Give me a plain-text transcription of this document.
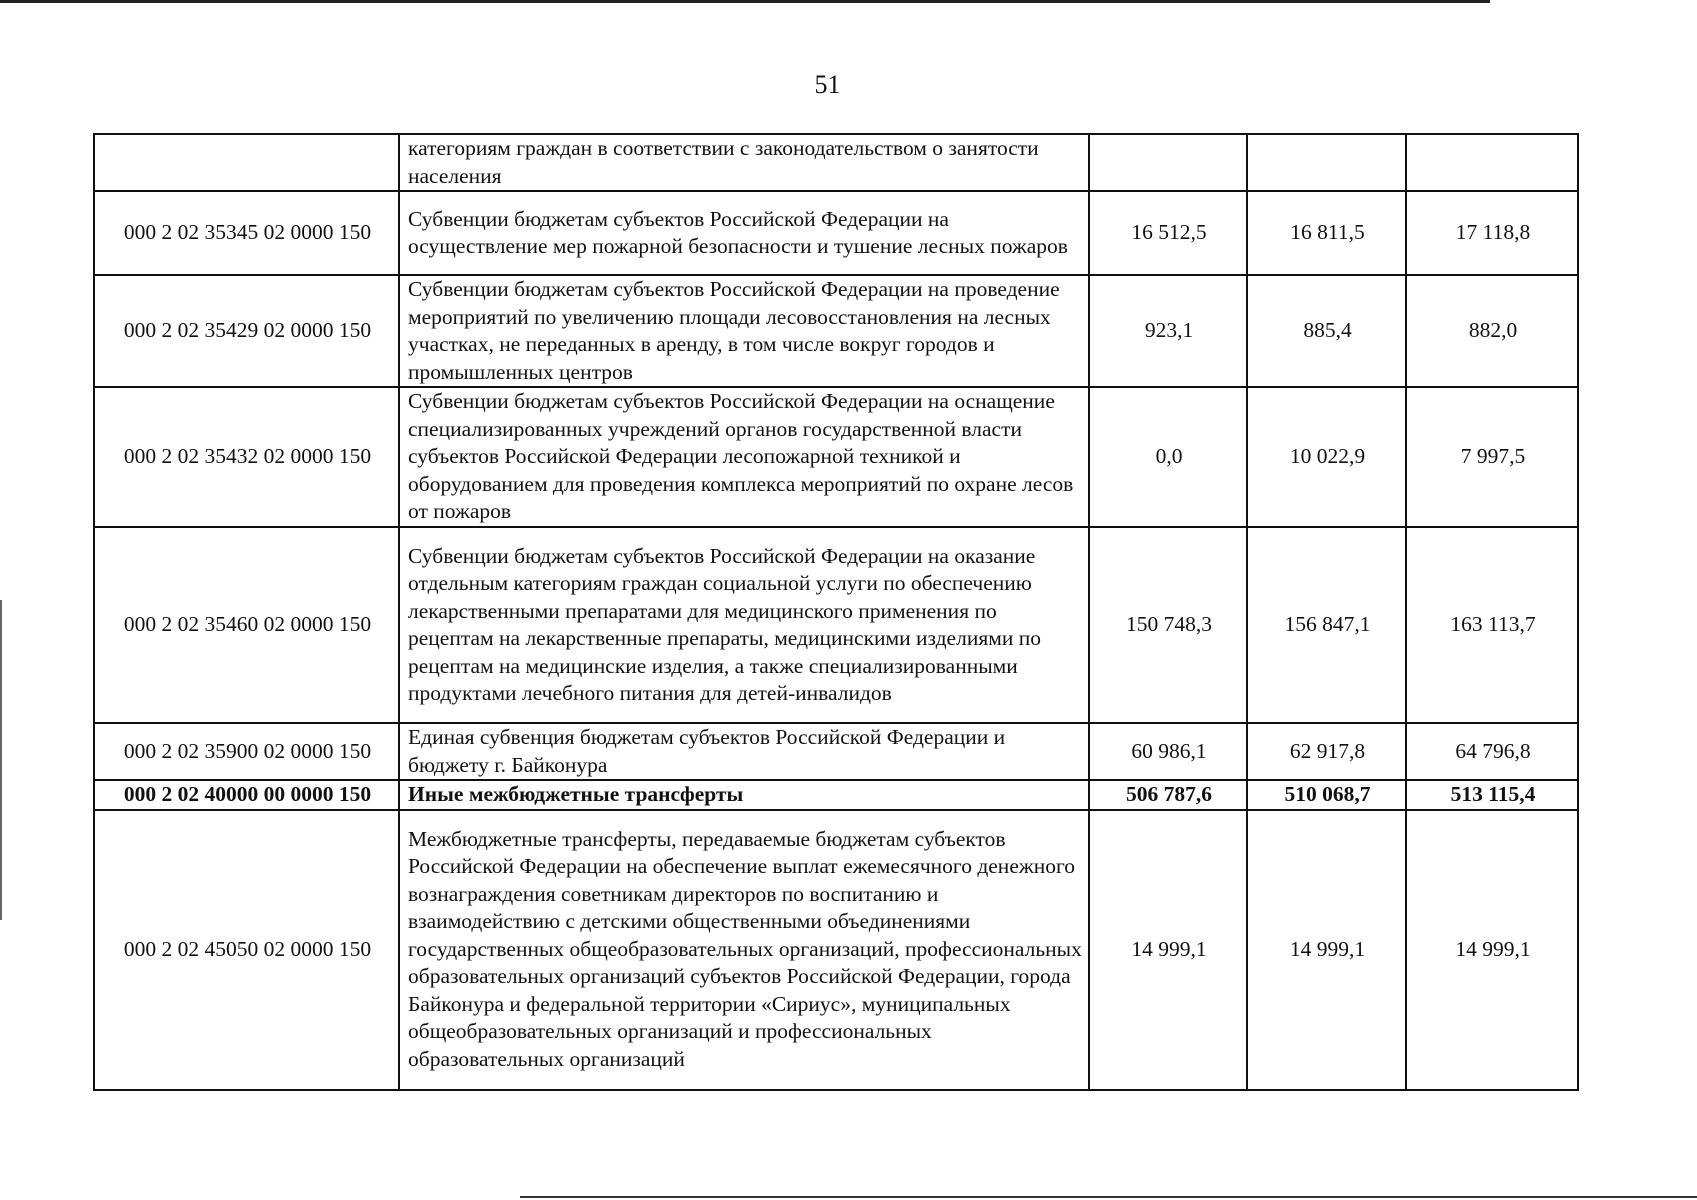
51
	категориям граждан в соответствии с законодательством о занятости населения			
000 2 02 35345 02 0000 150	Субвенции бюджетам субъектов Российской Федерации на осуществление мер пожарной безопасности и тушение лесных пожаров	16 512,5	16 811,5	17 118,8
000 2 02 35429 02 0000 150	Субвенции бюджетам субъектов Российской Федерации на проведение мероприятий по увеличению площади лесовосстановления на лесных участках, не переданных в аренду, в том числе вокруг городов и промышленных центров	923,1	885,4	882,0
000 2 02 35432 02 0000 150	Субвенции бюджетам субъектов Российской Федерации на оснащение специализированных учреждений органов государственной власти субъектов Российской Федерации лесопожарной техникой и оборудованием для проведения комплекса мероприятий по охране лесов от пожаров	0,0	10 022,9	7 997,5
000 2 02 35460 02 0000 150	Субвенции бюджетам субъектов Российской Федерации на оказание отдельным категориям граждан социальной услуги по обеспечению лекарственными препаратами для медицинского применения по рецептам на лекарственные препараты, медицинскими изделиями по рецептам на медицинские изделия, а также специализированными продуктами лечебного питания для детей-инвалидов	150 748,3	156 847,1	163 113,7
000 2 02 35900 02 0000 150	Единая субвенция бюджетам субъектов Российской Федерации и бюджету г. Байконура	60 986,1	62 917,8	64 796,8
000 2 02 40000 00 0000 150	Иные межбюджетные трансферты	506 787,6	510 068,7	513 115,4
000 2 02 45050 02 0000 150	Межбюджетные трансферты, передаваемые бюджетам субъектов Российской Федерации на обеспечение выплат ежемесячного денежного вознаграждения советникам директоров по воспитанию и взаимодействию с детскими общественными объединениями государственных общеобразовательных организаций, профессиональных образовательных организаций субъектов Российской Федерации, города Байконура и федеральной территории «Сириус», муниципальных общеобразовательных организаций и профессиональных образовательных организаций	14 999,1	14 999,1	14 999,1
